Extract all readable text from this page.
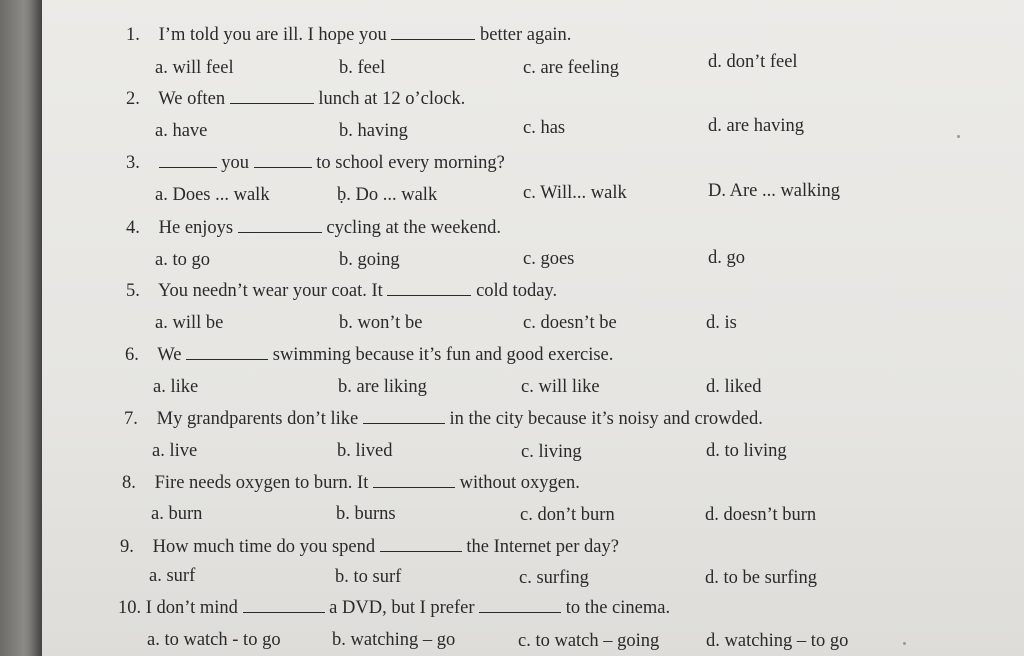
1. I’m told you are ill. I hope you	better again.
a. will feel	b. feel	c. are feeling	d. don’t feel
2. We often	lunch at 12 o’clock.
a. have	b. having	c. has	d. are having
3.	you	to school every morning?
a. Does ... walk	ḅ. Do ... walk	c. Will... walk	D. Are ... walking
4. He enjoys	cycling at the weekend.
a. to go	b. going	c. goes	d. go
5. You needn’t wear your coat. It	cold today.
a. will be	b. won’t be	c. doesn’t be	d. is
6. We	swimming because it’s fun and good exercise.
a. like	b. are liking	c. will like	d. liked
7. My grandparents don’t like	in the city because it’s noisy and crowded.
a. live	b. lived	c. living	d. to living
8. Fire needs oxygen to burn. It	without oxygen.
a. burn	b. burns	c. don’t burn	d. doesn’t burn
9. How much time do you spend	the Internet per day?
a. surf	b. to surf	c. surfing	d. to be surfing
10. I don’t mind	a DVD, but I prefer	to the cinema.
a. to watch - to go	b. watching – go	c. to watch – going	d. watching – to go
